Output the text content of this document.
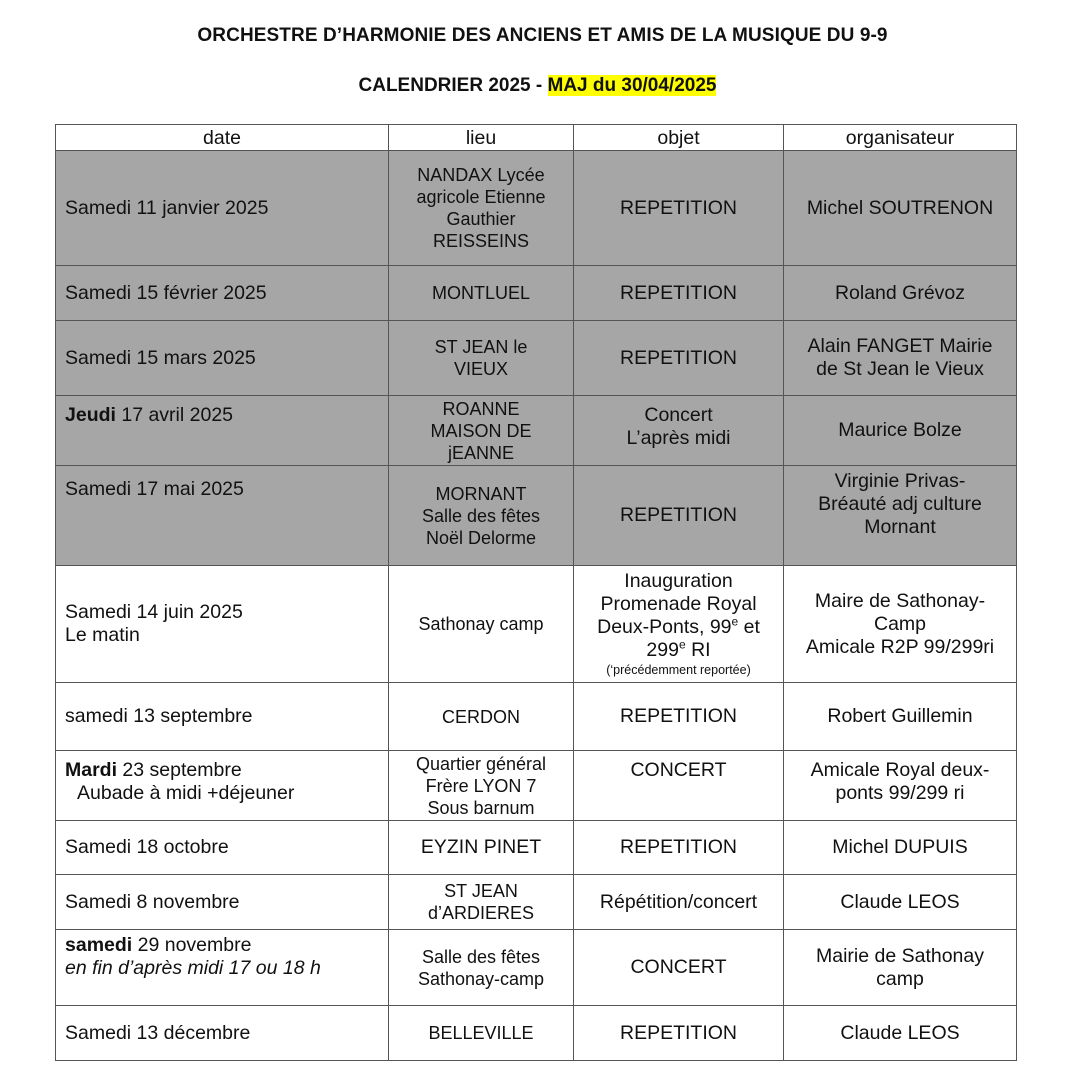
ORCHESTRE D’HARMONIE DES ANCIENS ET AMIS DE LA MUSIQUE DU 9-9
CALENDRIER 2025 - MAJ du 30/04/2025
date	lieu	objet	organisateur
Samedi 11 janvier 2025	NANDAX Lycée
agricole Etienne
Gauthier
REISSEINS	REPETITION	Michel SOUTRENON
Samedi 15 février 2025	MONTLUEL	REPETITION	Roland Grévoz
Samedi 15 mars 2025	ST JEAN le
VIEUX	REPETITION	Alain FANGET Mairie
de St Jean le Vieux

Jeudi 17 avril 2025	ROANNE
MAISON DE
jEANNE	Concert
L’après midi	Maurice Bolze
Samedi 17 mai 2025	MORNANT
Salle des fêtes
Noël Delorme	REPETITION	Virginie Privas-
Bréauté adj culture
Mornant

Samedi 14 juin 2025
Le matin	Sathonay camp	Inauguration
Promenade Royal
Deux-Ponts, 99e et
299e RI
(‘précédemment reportée)	Maire de Sathonay-
Camp
Amicale R2P 99/299ri

samedi 13 septembre	CERDON	REPETITION	Robert Guillemin

Mardi 23 septembre
Aubade à midi +déjeuner	Quartier général
Frère LYON 7
Sous barnum	CONCERT	Amicale Royal deux-
ponts 99/299 ri

Samedi 18 octobre	EYZIN PINET	REPETITION	Michel DUPUIS
Samedi 8 novembre	ST JEAN
d’ARDIERES	Répétition/concert	Claude LEOS

samedi 29 novembre
en fin d’après midi 17 ou 18 h	Salle des fêtes
Sathonay-camp	CONCERT	Mairie de Sathonay
camp

Samedi 13 décembre	BELLEVILLE	REPETITION	Claude LEOS
